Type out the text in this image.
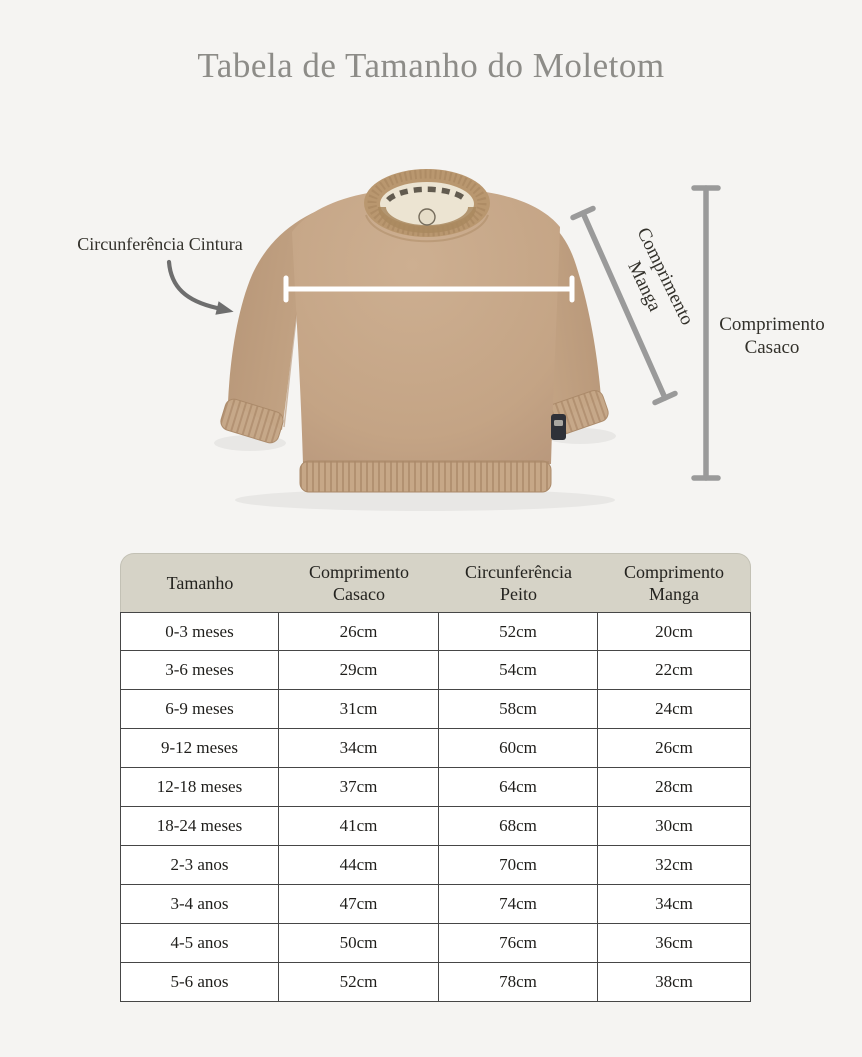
Tabela de Tamanho do Moletom
Circunferência Cintura	Comprimento Manga
Comprimento Casaco
Tamanho	Comprimento Casaco	Circunferência Peito	Comprimento Manga
0-3 meses	26cm	52cm	20cm
3-6 meses	29cm	54cm	22cm
6-9 meses	31cm	58cm	24cm
9-12 meses	34cm	60cm	26cm
12-18 meses	37cm	64cm	28cm
18-24 meses	41cm	68cm	30cm
2-3 anos	44cm	70cm	32cm
3-4 anos	47cm	74cm	34cm
4-5 anos	50cm	76cm	36cm
5-6 anos	52cm	78cm	38cm
